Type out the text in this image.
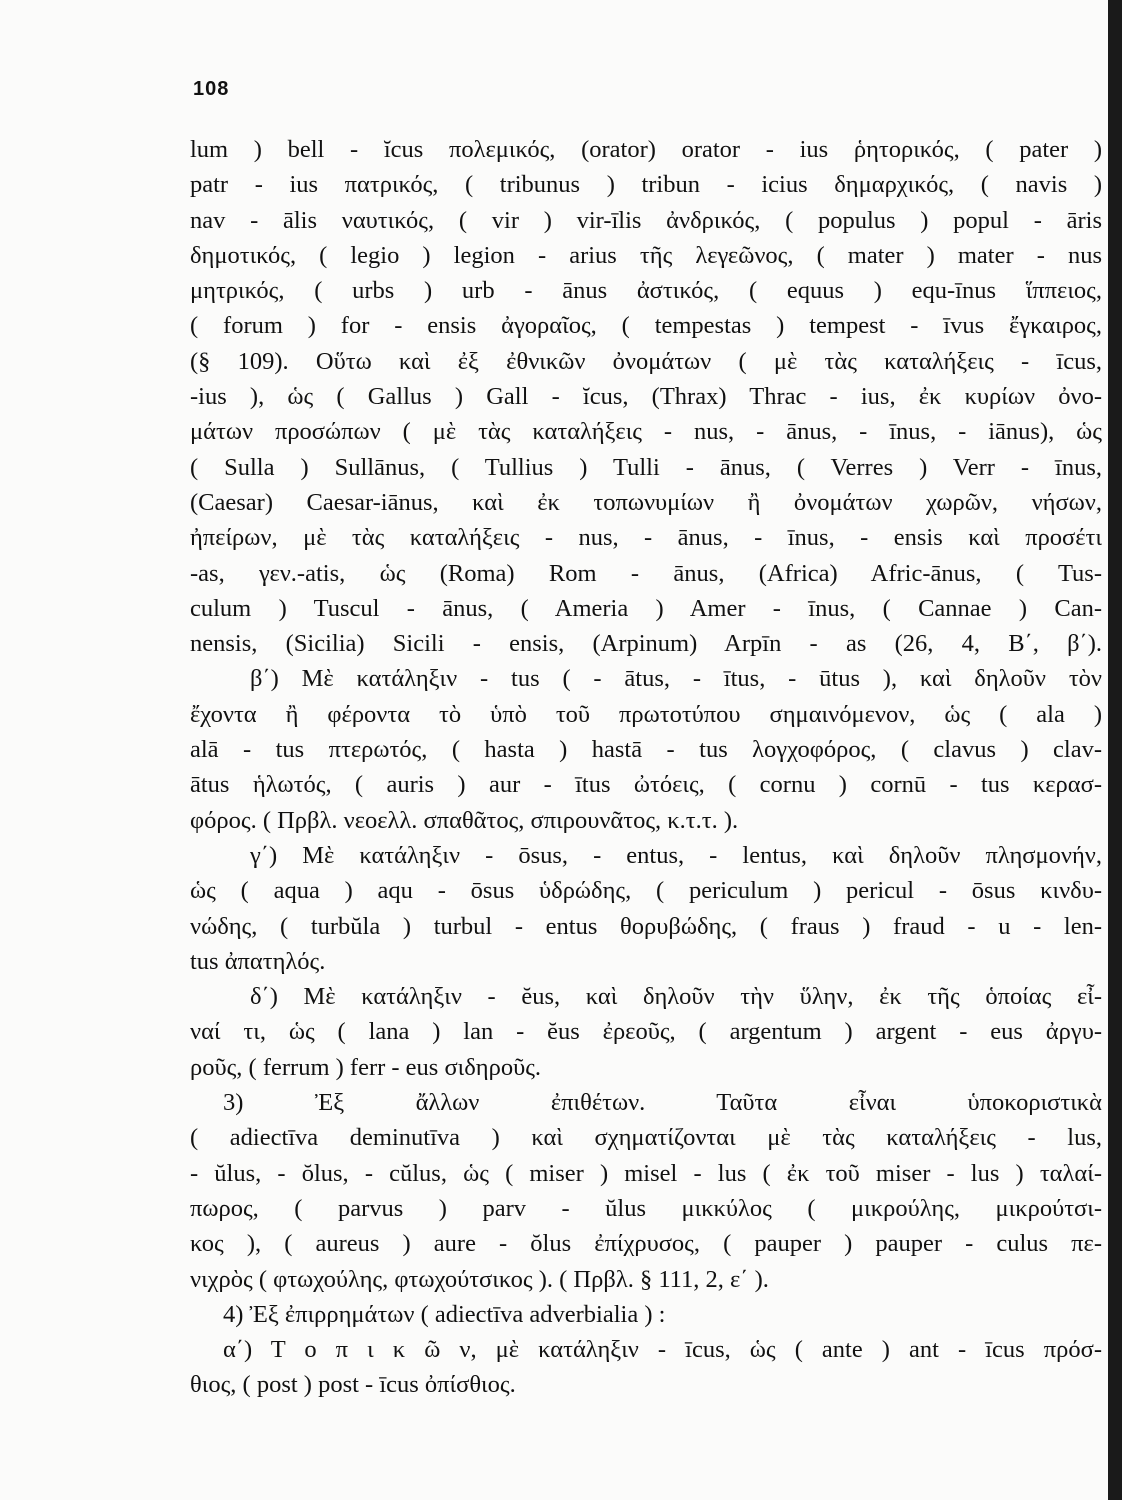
108
lum ) bell - ĭcus πολεμικός, (orator) orator - ius ῥητορικός, ( pater )
patr - ius πατρικός, ( tribunus ) tribun - icius δημαρχικός, ( navis )
nav - ālis ναυτικός, ( vir ) vir-īlis ἀνδρικός, ( populus ) popul - āris
δημοτικός, ( legio ) legion - arius τῆς λεγεῶνος, ( mater ) mater - nus
μητρικός, ( urbs ) urb - ānus ἀστικός, ( equus ) equ-īnus ἵππειος,
( forum ) for - ensis ἀγοραῖος, ( tempestas ) tempest - īvus ἔγκαιρος,
(§ 109). Οὕτω καὶ ἐξ ἐθνικῶν ὀνομάτων ( μὲ τὰς καταλήξεις - īcus,
-ius ), ὡς ( Gallus ) Gall - ĭcus, (Thrax) Thrac - ius, ἐκ κυρίων ὀνο-
μάτων προσώπων ( μὲ τὰς καταλήξεις - nus, - ānus, - īnus, - iānus), ὡς
( Sulla ) Sullānus, ( Tullius ) Tulli - ānus, ( Verres ) Verr - īnus,
(Caesar) Caesar-iānus, καὶ ἐκ τοπωνυμίων ἢ ὀνομάτων χωρῶν, νήσων,
ἠπείρων, μὲ τὰς καταλήξεις - nus, - ānus, - īnus, - ensis καὶ προσέτι
-as, γεν.-atis, ὡς (Roma) Rom - ānus, (Africa) Afric-ānus, ( Tus-
culum ) Tuscul - ānus, ( Ameria ) Amer - īnus, ( Cannae ) Can-
nensis, (Sicilia) Sicili - ensis, (Arpinum) Arpīn - as (26, 4, B΄, β΄).
β΄) Μὲ κατάληξιν - tus ( - ātus, - ītus, - ūtus ), καὶ δηλοῦν τὸν
ἔχοντα ἢ φέροντα τὸ ὑπὸ τοῦ πρωτοτύπου σημαινόμενον, ὡς ( ala )
alā - tus πτερωτός, ( hasta ) hastā - tus λογχοφόρος, ( clavus ) clav-
ātus ἡλωτός, ( auris ) aur - ītus ὠτόεις, ( cornu ) cornū - tus κερασ-
φόρος. ( Πρβλ. νεοελλ. σπαθᾶτος, σπιρουνᾶτος, κ.τ.τ. ).
γ΄) Μὲ κατάληξιν - ōsus, - entus, - lentus, καὶ δηλοῦν πλησμονήν,
ὡς ( aqua ) aqu - ōsus ὑδρώδης, ( periculum ) pericul - ōsus κινδυ-
νώδης, ( turbŭla ) turbul - entus θορυβώδης, ( fraus ) fraud - u - len-
tus ἀπατηλός.
δ΄) Μὲ κατάληξιν - ĕus, καὶ δηλοῦν τὴν ὕλην, ἐκ τῆς ὁποίας εἶ-
ναί τι, ὡς ( lana ) lan - ĕus ἐρεοῦς, ( argentum ) argent - eus ἀργυ-
ροῦς, ( ferrum ) ferr - eus σιδηροῦς.
3) Ἐξ ἄλλων ἐπιθέτων. Ταῦτα εἶναι ὑποκοριστικὰ
( adiectīva deminutīva ) καὶ σχηματίζονται μὲ τὰς καταλήξεις - lus,
- ŭlus, - ŏlus, - cŭlus, ὡς ( miser ) misel - lus ( ἐκ τοῦ miser - lus ) ταλαί-
πωρος, ( parvus ) parv - ŭlus μικκύλος ( μικρούλης, μικρούτσι-
κος ), ( aureus ) aure - ŏlus ἐπίχρυσος, ( pauper ) pauper - culus πε-
νιχρὸς ( φτωχούλης, φτωχούτσικος ). ( Πρβλ. § 111, 2, ε΄ ).
4) Ἐξ ἐπιρρημάτων ( adiectīva adverbialia ) :
α΄) Τ ο π ι κ ῶ ν, μὲ κατάληξιν - īcus, ὡς ( ante ) ant - īcus πρόσ-
θιος, ( post ) post - īcus ὀπίσθιος.
